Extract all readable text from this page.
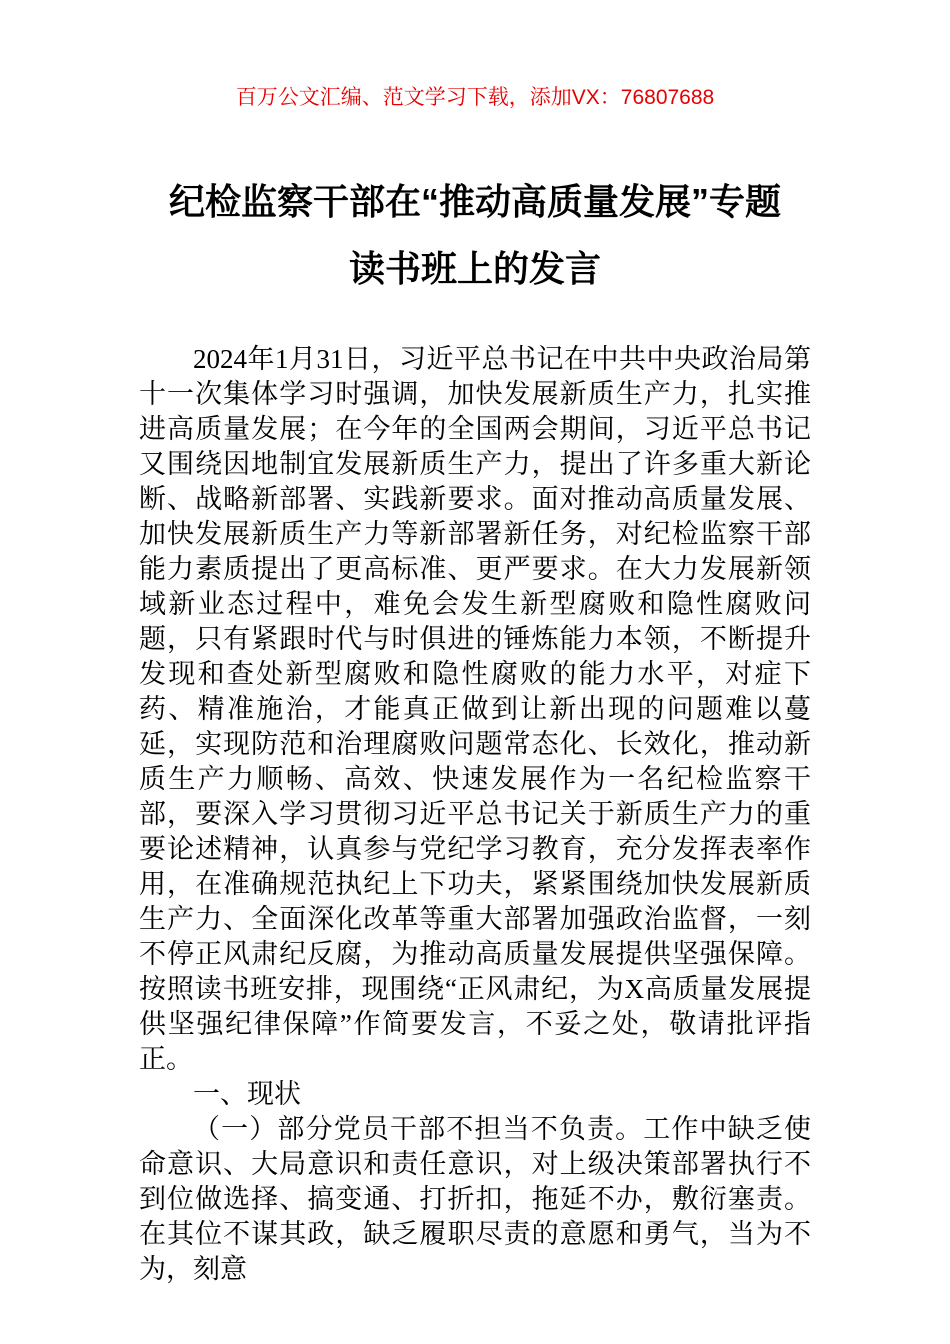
百万公文汇编、范文学习下载，添加VX：76807688
纪检监察干部在“推动高质量发展”专题
读书班上的发言

2024年1月31日，习近平总书记在中共中央政治局第十一次集体学习时强调，加快发展新质生产力，扎实推进高质量发展；在今年的全国两会期间，习近平总书记又围绕因地制宜发展新质生产力，提出了许多重大新论断、战略新部署、实践新要求。面对推动高质量发展、加快发展新质生产力等新部署新任务，对纪检监察干部能力素质提出了更高标准、更严要求。在大力发展新领域新业态过程中，难免会发生新型腐败和隐性腐败问题，只有紧跟时代与时俱进的锤炼能力本领，不断提升发现和查处新型腐败和隐性腐败的能力水平，对症下药、精准施治，才能真正做到让新出现的问题难以蔓延，实现防范和治理腐败问题常态化、长效化，推动新质生产力顺畅、高效、快速发展作为一名纪检监察干部，要深入学习贯彻习近平总书记关于新质生产力的重要论述精神，认真参与党纪学习教育，充分发挥表率作用，在准确规范执纪上下功夫，紧紧围绕加快发展新质生产力、全面深化改革等重大部署加强政治监督，一刻不停正风肃纪反腐，为推动高质量发展提供坚强保障。按照读书班安排，现围绕“正风肃纪，为X高质量发展提供坚强纪律保障”作简要发言，不妥之处，敬请批评指正。

一、现状

（一）部分党员干部不担当不负责。工作中缺乏使命意识、大局意识和责任意识，对上级决策部署执行不到位做选择、搞变通、打折扣，拖延不办，敷衍塞责。在其位不谋其政，缺乏履职尽责的意愿和勇气，当为不为，刻意
